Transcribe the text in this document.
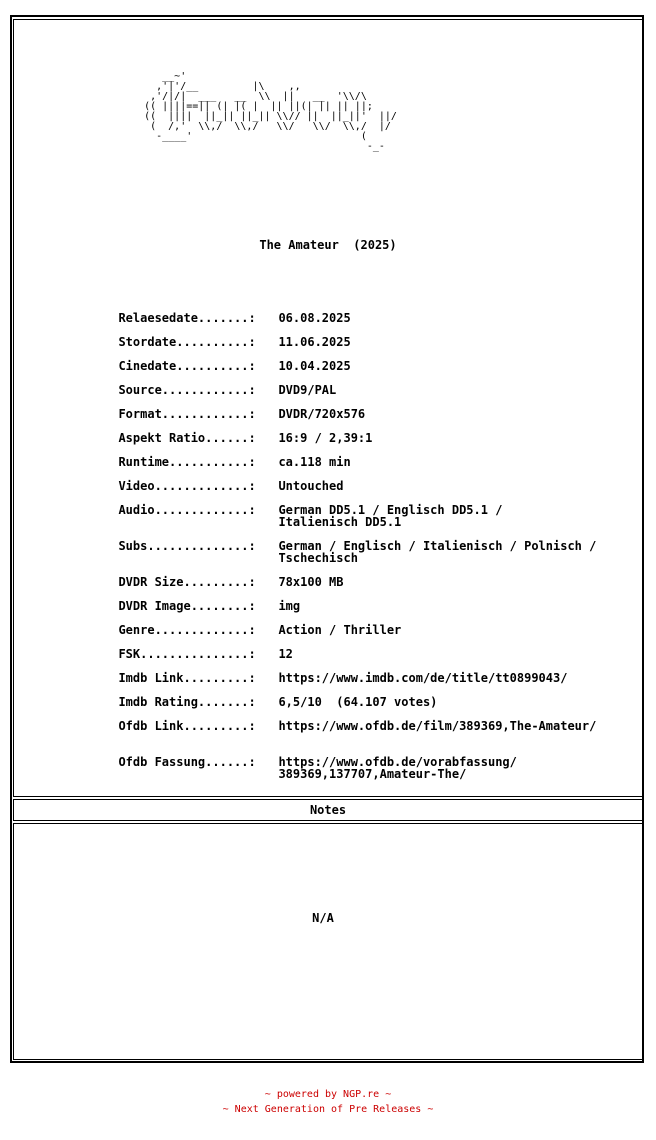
__~'
,'|'/__         |\    ,,
,'/|/|  ___   __  \\  ||   __  '\\/\
(( ||||==|| (| |( |  || ||(| || || ||;
((  ||||  ||_|| ||_|| \\// ||  ||_||'  ||/
(  /,'  \\,/  \\,/   \\/   \\/  \\,/  |/
-____'                            (
-_-
The Amateur  (2025)

Relaesedate.......: 06.08.2025

Stordate..........: 11.06.2025

Cinedate..........: 10.04.2025

Source............: DVD9/PAL

Format............: DVDR/720x576

Aspekt Ratio......: 16:9 / 2,39:1

Runtime...........: ca.118 min

Video.............: Untouched

Audio.............: German DD5.1 / Englisch DD5.1 /
Italienisch DD5.1

Subs..............: German / Englisch / Italienisch / Polnisch /
Tschechisch

DVDR Size.........: 78x100 MB

DVDR Image........: img

Genre.............: Action / Thriller

FSK...............: 12

Imdb Link.........: https://www.imdb.com/de/title/tt0899043/

Imdb Rating.......: 6,5/10  (64.107 votes)

Ofdb Link.........: https://www.ofdb.de/film/389369,The-Amateur/

Ofdb Fassung......: https://www.ofdb.de/vorabfassung/
389369,137707,Amateur-The/

Notes
N/A
~ powered by NGP.re ~
~ Next Generation of Pre Releases ~
